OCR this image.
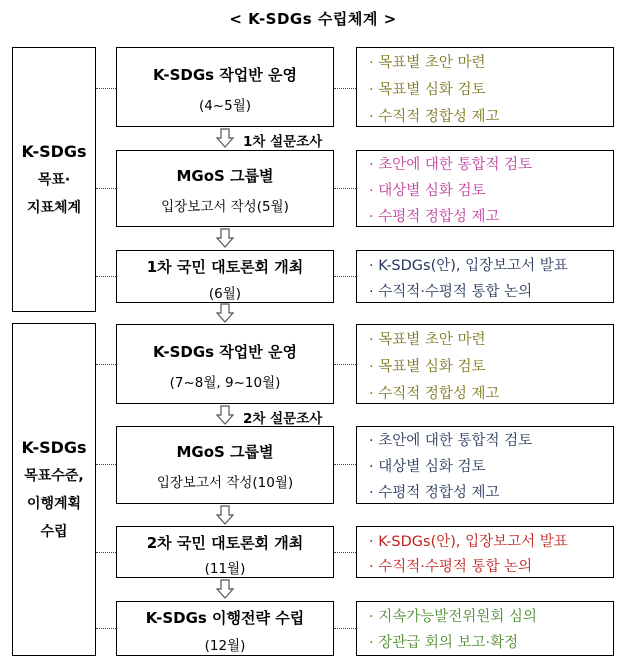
< K-SDGs 수립체계 >
K-SDGs
목표·
지표체계
K-SDGs
목표수준,
이행계획
수립
K-SDGs 작업반 운영
(4~5월)
MGoS 그룹별
입장보고서 작성(5월)
1차 국민 대토론회 개최
(6월)
K-SDGs 작업반 운영
(7~8월, 9~10월)
MGoS 그룹별
입장보고서 작성(10월)
2차 국민 대토론회 개최
(11월)
K-SDGs 이행전략 수립
(12월)
1차 설문조사
2차 설문조사
· 목표별 초안 마련
· 목표별 심화 검토
· 수직적 정합성 제고
· 초안에 대한 통합적 검토
· 대상별 심화 검토
· 수평적 정합성 제고
· K-SDGs(안), 입장보고서 발표
· 수직적·수평적 통합 논의
· 목표별 초안 마련
· 목표별 심화 검토
· 수직적 정합성 제고
· 초안에 대한 통합적 검토
· 대상별 심화 검토
· 수평적 정합성 제고
· K-SDGs(안), 입장보고서 발표
· 수직적·수평적 통합 논의
· 지속가능발전위원회 심의
· 장관급 회의 보고·확정
